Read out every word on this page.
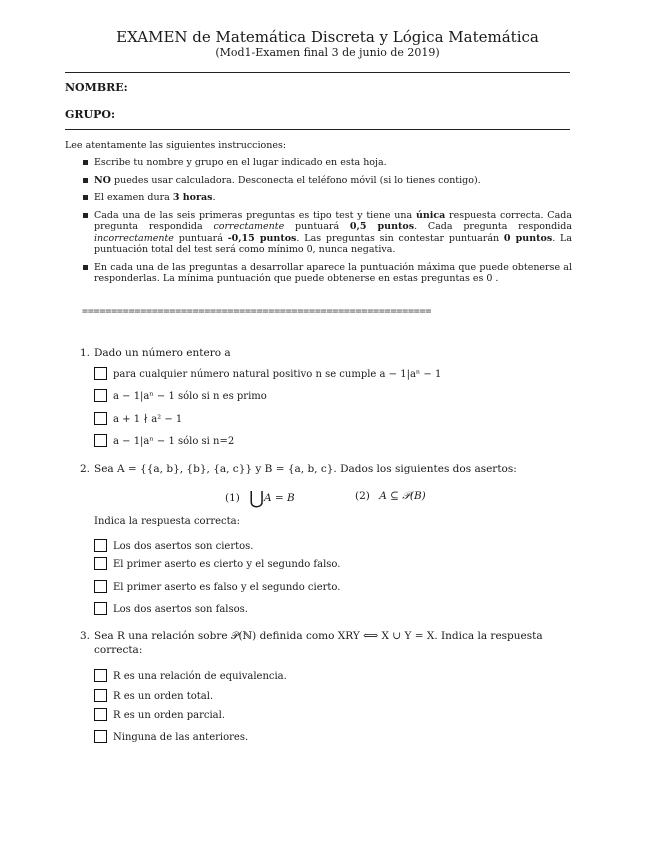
EXAMEN de Matemática Discreta y Lógica Matemática
(Mod1-Examen final 3 de junio de 2019)
NOMBRE:
GRUPO:
Lee atentamente las siguientes instrucciones:
Escribe tu nombre y grupo en el lugar indicado en esta hoja.
NO puedes usar calculadora. Desconecta el teléfono móvil (si lo tienes contigo).
El examen dura 3 horas.
Cada una de las seis primeras preguntas es tipo test y tiene una única respuesta correcta. Cada pregunta respondida correctamente puntuará 0,5 puntos. Cada pregunta respondida incorrectamente puntuará -0,15 puntos. Las preguntas sin contestar puntuarán 0 puntos. La puntuación total del test será como mínimo 0, nunca negativa.
En cada una de las preguntas a desarrollar aparece la puntuación máxima que puede obtenerse al responderlas. La mínima puntuación que puede obtenerse en estas preguntas es 0 .
============================================================
1. Dado un número entero a
para cualquier número natural positivo n se cumple a − 1|aⁿ − 1
a − 1|aⁿ − 1 sólo si n es primo
a + 1 ∤ a² − 1
a − 1|aⁿ − 1 sólo si n=2
2. Sea A = {{a, b}, {b}, {a, c}} y B = {a, b, c}. Dados los siguientes dos asertos:
(1) ⋃A = B	(2) A ⊆ 𝒫(B)
Indica la respuesta correcta:
Los dos asertos son ciertos.
El primer aserto es cierto y el segundo falso.
El primer aserto es falso y el segundo cierto.
Los dos asertos son falsos.
3. Sea R una relación sobre 𝒫(ℕ) definida como XRY ⟺ X ∪ Y = X. Indica la respuesta
correcta:
R es una relación de equivalencia.
R es un orden total.
R es un orden parcial.
Ninguna de las anteriores.
